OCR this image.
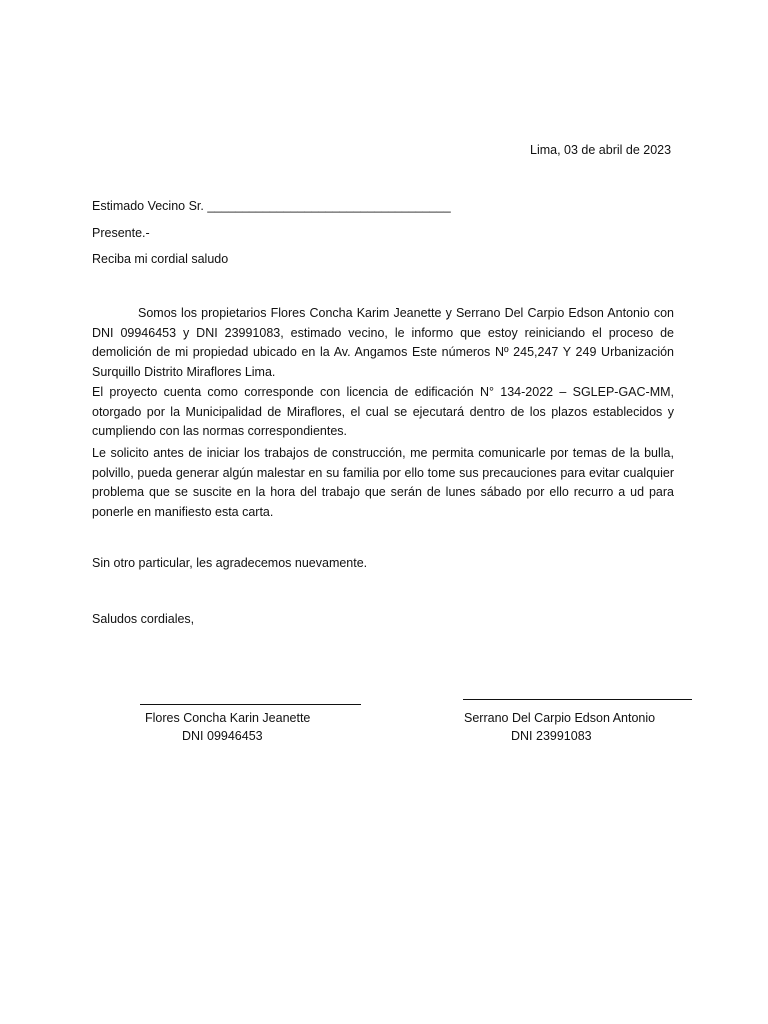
Lima, 03 de abril de 2023
Estimado Vecino Sr. ___________________________________
Presente.-
Reciba mi cordial saludo
Somos los propietarios Flores Concha Karim Jeanette y Serrano Del Carpio Edson Antonio con DNI 09946453 y DNI 23991083, estimado vecino, le informo que estoy reiniciando el proceso de demolición de mi propiedad ubicado en la Av. Angamos Este números Nº 245,247 Y 249 Urbanización Surquillo Distrito Miraflores Lima.
El proyecto cuenta como corresponde con licencia de edificación N° 134-2022 – SGLEP-GAC-MM, otorgado por la Municipalidad de Miraflores, el cual se ejecutará dentro de los plazos establecidos y cumpliendo con las normas correspondientes.
Le solicito antes de iniciar los trabajos de construcción, me permita comunicarle por temas de la bulla, polvillo, pueda generar algún malestar en su familia por ello tome sus precauciones para evitar cualquier problema que se suscite en la hora del trabajo que serán de lunes sábado por ello recurro a ud para ponerle en manifiesto esta carta.
Sin otro particular, les agradecemos nuevamente.
Saludos cordiales,
Flores Concha Karin Jeanette
DNI 09946453
Serrano Del Carpio Edson Antonio
DNI 23991083
